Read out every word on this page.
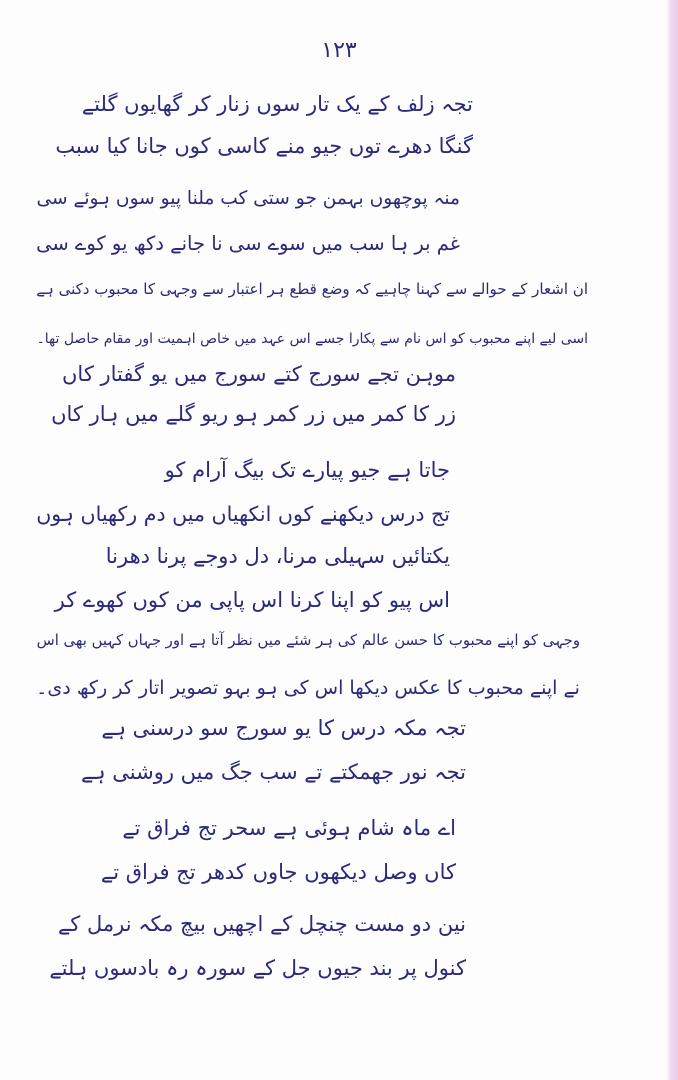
۱۲۳
تجہ زلف کے یک تار سوں زنار کر گھایوں گلتے
گنگا دھرے توں جیو منے کاسی کوں جانا کیا سبب
منہ پوچھوں بہمن جو ستی کب ملنا پیو سوں ہوئے سی
غم بر ہا سب میں سوے سی نا جانے دکھ یو کوے سی
ان اشعار کے حوالے سے کہنا چاہیے کہ وضع قطع ہر اعتبار سے وجہی کا محبوب دکنی ہے
اسی لیے اپنے محبوب کو اس نام سے پکارا جسے اس عہد میں خاص اہمیت اور مقام حاصل تھا۔
موہن تجے سورج کتے سورج میں یو گفتار کاں
زر کا کمر میں زر کمر ہو ریو گلے میں ہار کاں
جاتا ہے جیو پیارے تک بیگ آرام کو
تج درس دیکھنے کوں انکھیاں میں دم رکھیاں ہوں
یکتائیں سہیلی مرنا، دل دوجے پرنا دھرنا
اس پیو کو اپنا کرنا اس پاپی من کوں کھوے کر
وجہی کو اپنے محبوب کا حسن عالم کی ہر شئے میں نظر آتا ہے اور جہاں کہیں بھی اس
نے اپنے محبوب کا عکس دیکھا اس کی ہو بہو تصویر اتار کر رکھ دی۔
تجہ مکہ درس کا یو سورج سو درسنی ہے
تجہ نور جھمکتے تے سب جگ میں روشنی ہے
اے ماہ شام ہوئی ہے سحر تج فراق تے
کاں وصل دیکھوں جاوں کدھر تج فراق تے
نین دو مست چنچل کے اچھیں بیچ مکہ نرمل کے
کنول پر بند جیوں جل کے سورہ رہ بادسوں ہلتے
